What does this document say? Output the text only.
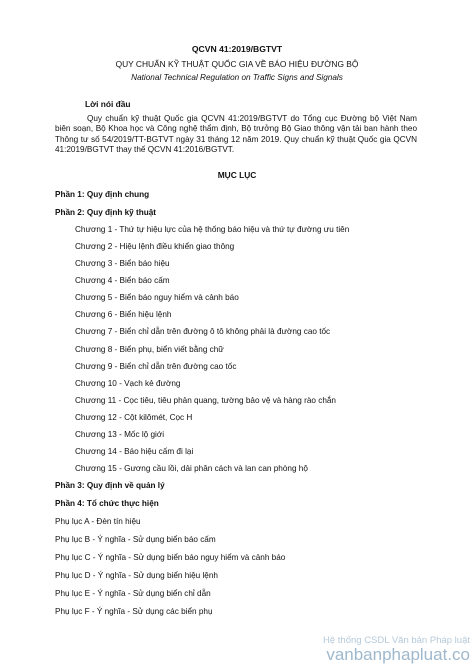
QCVN 41:2019/BGTVT
QUY CHUẨN KỸ THUẬT QUỐC GIA VỀ BÁO HIỆU ĐƯỜNG BỘ
National Technical Regulation on Traffic Signs and Signals
Lời nói đầu
Quy chuẩn kỹ thuật Quốc gia QCVN 41:2019/BGTVT do Tổng cục Đường bộ Việt Nam biên soạn, Bộ Khoa học và Công nghệ thẩm định, Bộ trưởng Bộ Giao thông vận tải ban hành theo Thông tư số 54/2019/TT-BGTVT ngày 31 tháng 12 năm 2019. Quy chuẩn kỹ thuật Quốc gia QCVN 41:2019/BGTVT thay thế QCVN 41:2016/BGTVT.
MỤC LỤC
Phần 1: Quy định chung
Phần 2: Quy định kỹ thuật
Chương 1 - Thứ tự hiệu lực của hệ thống báo hiệu và thứ tự đường ưu tiên
Chương 2 - Hiệu lệnh điều khiển giao thông
Chương 3 - Biển báo hiệu
Chương 4 - Biển báo cấm
Chương 5 - Biển báo nguy hiểm và cảnh báo
Chương 6 - Biển hiệu lệnh
Chương 7 - Biển chỉ dẫn trên đường ô tô không phải là đường cao tốc
Chương 8 - Biển phụ, biển viết bằng chữ
Chương 9 - Biển chỉ dẫn trên đường cao tốc
Chương 10 - Vạch kẻ đường
Chương 11 - Cọc tiêu, tiêu phản quang, tường bảo vệ và hàng rào chắn
Chương 12 - Cột kilômét, Cọc H
Chương 13 - Mốc lộ giới
Chương 14 - Báo hiệu cấm đi lại
Chương 15 - Gương cầu lồi, dải phân cách và lan can phòng hộ
Phần 3: Quy định về quản lý
Phần 4: Tổ chức thực hiện
Phụ lục A - Đèn tín hiệu
Phụ lục B - Ý nghĩa - Sử dụng biển báo cấm
Phụ lục C - Ý nghĩa - Sử dụng biển báo nguy hiểm và cảnh báo
Phụ lục D - Ý nghĩa - Sử dụng biển hiệu lệnh
Phụ lục E - Ý nghĩa - Sử dụng biển chỉ dẫn
Phụ lục F - Ý nghĩa - Sử dụng các biển phụ
Hệ thống CSDL Văn bản Pháp luật
vanbanphapluat.co
